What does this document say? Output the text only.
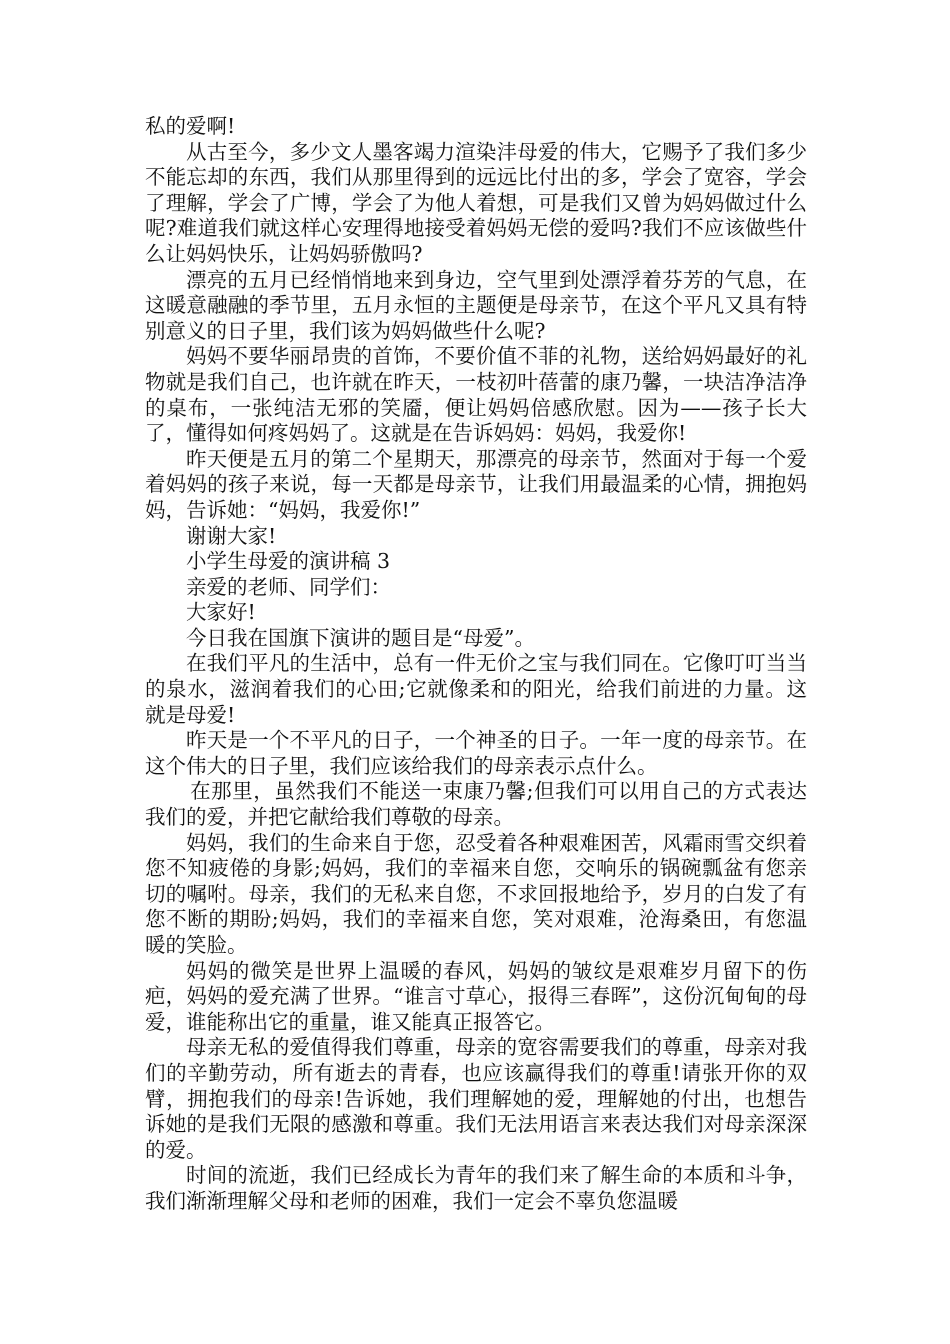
私的爱啊!

从古至今，多少文人墨客竭力渲染沣母爱的伟大，它赐予了我们多少不能忘却的东西，我们从那里得到的远远比付出的多，学会了宽容，学会了理解，学会了广博，学会了为他人着想，可是我们又曾为妈妈做过什么呢?难道我们就这样心安理得地接受着妈妈无偿的爱吗?我们不应该做些什么让妈妈快乐，让妈妈骄傲吗?

漂亮的五月已经悄悄地来到身边，空气里到处漂浮着芬芳的气息，在这暖意融融的季节里，五月永恒的主题便是母亲节，在这个平凡又具有特别意义的日子里，我们该为妈妈做些什么呢?

妈妈不要华丽昂贵的首饰，不要价值不菲的礼物，送给妈妈最好的礼物就是我们自己，也许就在昨天，一枝初叶蓓蕾的康乃馨，一块洁净洁净的桌布，一张纯洁无邪的笑靥，便让妈妈倍感欣慰。因为——孩子长大了，懂得如何疼妈妈了。这就是在告诉妈妈：妈妈，我爱你!

昨天便是五月的第二个星期天，那漂亮的母亲节，然面对于每一个爱着妈妈的孩子来说，每一天都是母亲节，让我们用最温柔的心情，拥抱妈妈，告诉她：“妈妈，我爱你!”

谢谢大家!

小学生母爱的演讲稿 3

亲爱的老师、同学们：

大家好!

今日我在国旗下演讲的题目是“母爱”。

在我们平凡的生活中，总有一件无价之宝与我们同在。它像叮叮当当的泉水，滋润着我们的心田;它就像柔和的阳光，给我们前进的力量。这就是母爱!

昨天是一个不平凡的日子，一个神圣的日子。一年一度的母亲节。在这个伟大的日子里，我们应该给我们的母亲表示点什么。

在那里，虽然我们不能送一束康乃馨;但我们可以用自己的方式表达我们的爱，并把它献给我们尊敬的母亲。

妈妈，我们的生命来自于您，忍受着各种艰难困苦，风霜雨雪交织着您不知疲倦的身影;妈妈，我们的幸福来自您，交响乐的锅碗瓢盆有您亲切的嘱咐。母亲，我们的无私来自您，不求回报地给予，岁月的白发了有您不断的期盼;妈妈，我们的幸福来自您，笑对艰难，沧海桑田，有您温暖的笑脸。

妈妈的微笑是世界上温暖的春风，妈妈的皱纹是艰难岁月留下的伤疤，妈妈的爱充满了世界。“谁言寸草心，报得三春晖”，这份沉甸甸的母爱，谁能称出它的重量，谁又能真正报答它。

母亲无私的爱值得我们尊重，母亲的宽容需要我们的尊重，母亲对我们的辛勤劳动，所有逝去的青春，也应该赢得我们的尊重!请张开你的双臂，拥抱我们的母亲!告诉她，我们理解她的爱，理解她的付出，也想告诉她的是我们无限的感激和尊重。我们无法用语言来表达我们对母亲深深的爱。

时间的流逝，我们已经成长为青年的我们来了解生命的本质和斗争，我们渐渐理解父母和老师的困难，我们一定会不辜负您温暖
